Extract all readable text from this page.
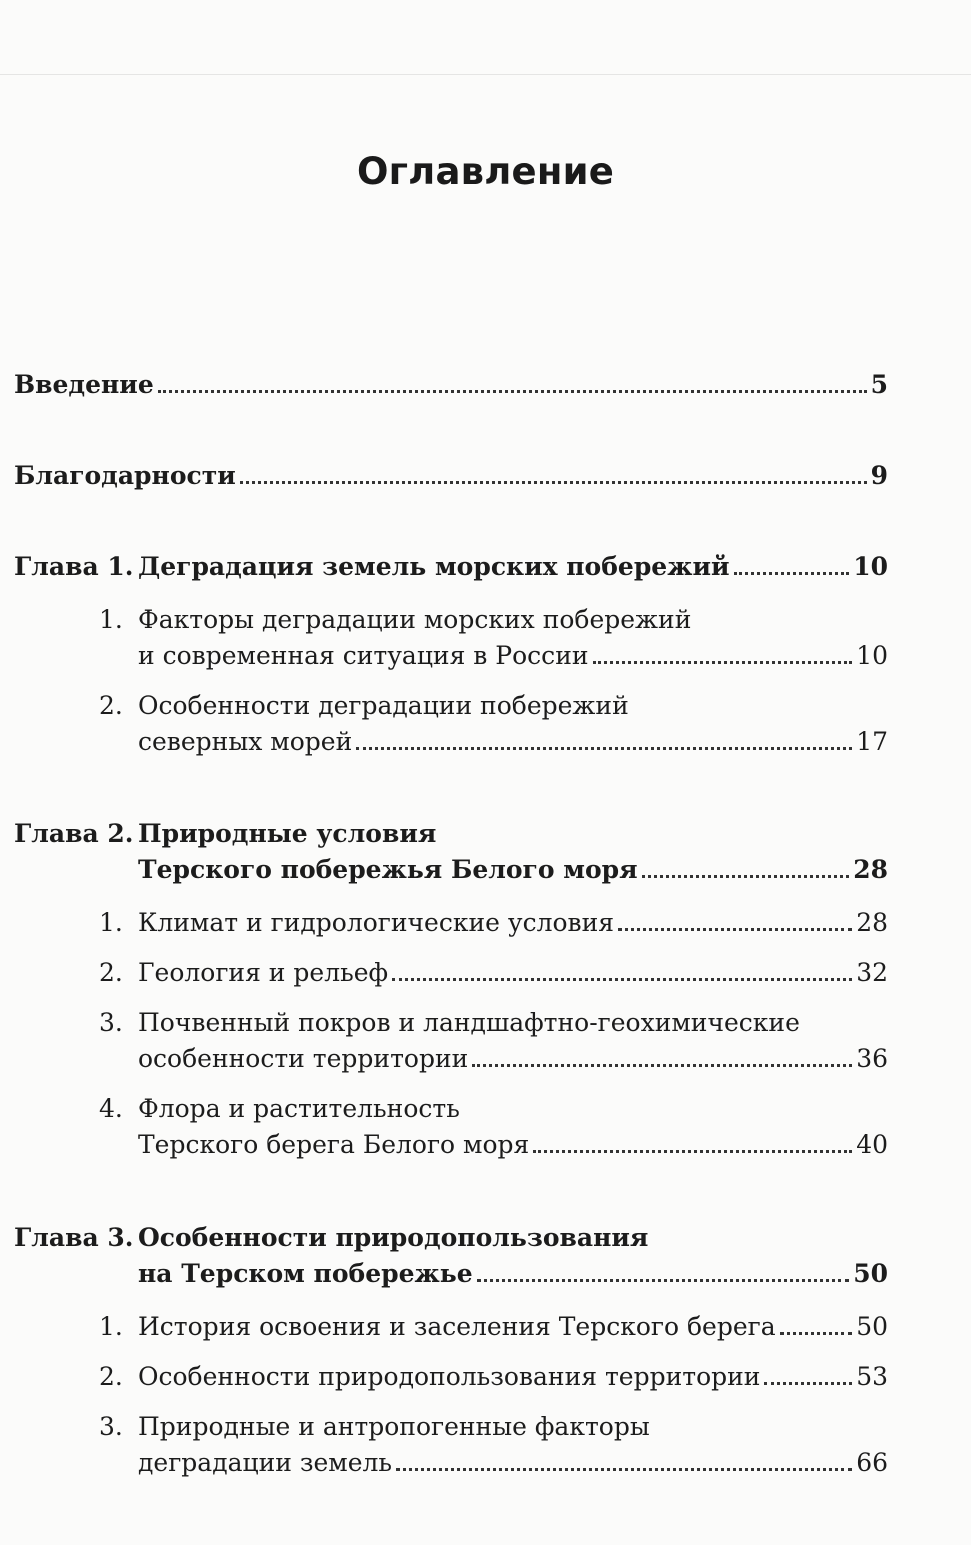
Оглавление
Введение	5
Благодарности	9
Глава 1. Деградация земель морских побережий	10
1. Факторы деградации морских побережий
и современная ситуация в России	10
2. Особенности деградации побережий
северных морей	17
Глава 2. Природные условия
Терского побережья Белого моря	28
1. Климат и гидрологические условия	28
2. Геология и рельеф	32
3. Почвенный покров и ландшафтно-геохимические
особенности территории	36
4. Флора и растительность
Терского берега Белого моря	40
Глава 3. Особенности природопользования
на Терском побережье	50
1. История освоения и заселения Терского берега	50
2. Особенности природопользования территории	53
3. Природные и антропогенные факторы
деградации земель	66
